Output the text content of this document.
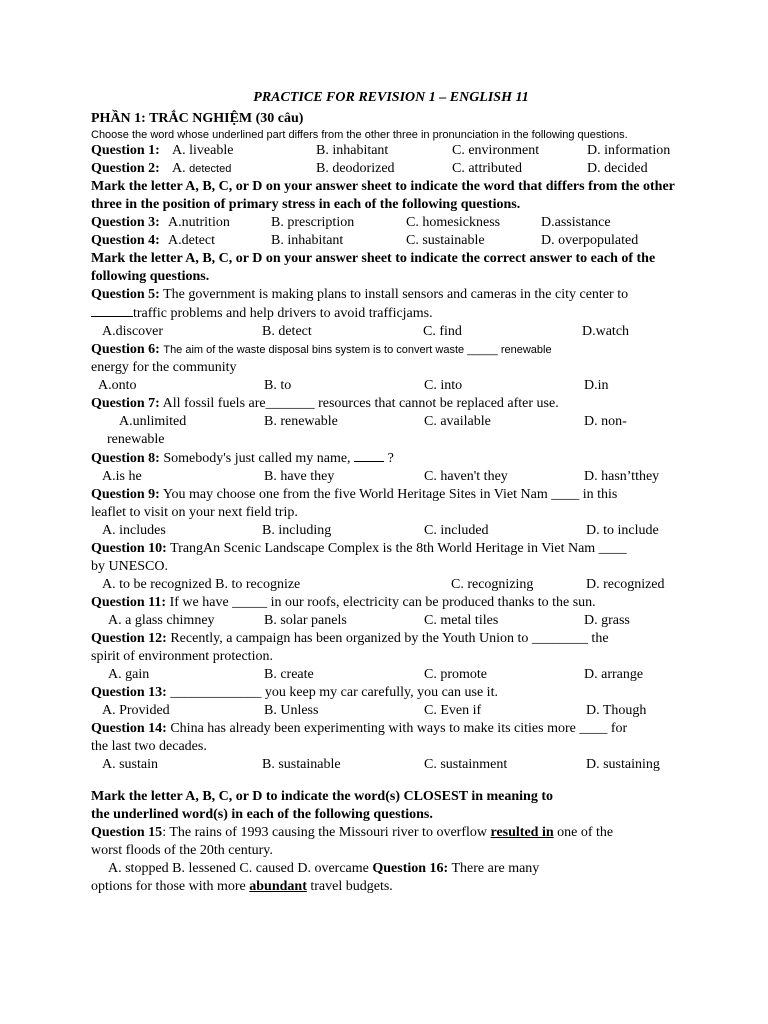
PRACTICE FOR REVISION 1 – ENGLISH 11
PHẦN 1: TRẮC NGHIỆM (30 câu)
Choose the word whose underlined part differs from the other three in pronunciation in the following questions.
Question 1: A. liveable	B. inhabitant	C. environment	D. information
Question 2: A. detected	B. deodorized	C. attributed	D. decided
Mark the letter A, B, C, or D on your answer sheet to indicate the word that differs from the other three in the position of primary stress in each of the following questions.
Question 3: A.nutrition	B. prescription	C. homesickness	D.assistance
Question 4: A.detect	B. inhabitant	C. sustainable	D. overpopulated
Mark the letter A, B, C, or D on your answer sheet to indicate the correct answer to each of the following questions.
Question 5: The government is making plans to install sensors and cameras in the city center to
traffic problems and help drivers to avoid trafficjams.
A.discover	B. detect	C. find	D.watch
Question 6: The aim of the waste disposal bins system is to convert waste _____ renewable
energy for the community
A.onto	B. to	C. into	D.in
Question 7: All fossil fuels are_______ resources that cannot be replaced after use.
A.unlimited	B. renewable	C. available	D. non-
renewable
Question 8: Somebody's just called my name,	?
A.is he	B. have they	C. haven't they	D. hasn’tthey
Question 9: You may choose one from the five World Heritage Sites in Viet Nam ____ in this
leaflet to visit on your next field trip.
A. includes	B. including	C. included	D. to include
Question 10: TrangAn Scenic Landscape Complex is the 8th World Heritage in Viet Nam ____
by UNESCO.
A. to be recognized B. to recognize	C. recognizing	D. recognized
Question 11: If we have _____ in our roofs, electricity can be produced thanks to the sun.
A. a glass chimney	B. solar panels	C. metal tiles	D. grass
Question 12: Recently, a campaign has been organized by the Youth Union to ________ the
spirit of environment protection.
A. gain	B. create	C. promote	D. arrange
Question 13: _____________ you keep my car carefully, you can use it.
A. Provided	B. Unless	C. Even if	D. Though
Question 14: China has already been experimenting with ways to make its cities more ____ for
the last two decades.
A. sustain	B. sustainable	C. sustainment	D. sustaining
Mark the letter A, B, C, or D to indicate the word(s) CLOSEST in meaning to
the underlined word(s) in each of the following questions.
Question 15: The rains of 1993 causing the Missouri river to overflow resulted in one of the
worst floods of the 20th century.
A. stopped B. lessened C. caused D. overcame Question 16: There are many
options for those with more abundant travel budgets.
